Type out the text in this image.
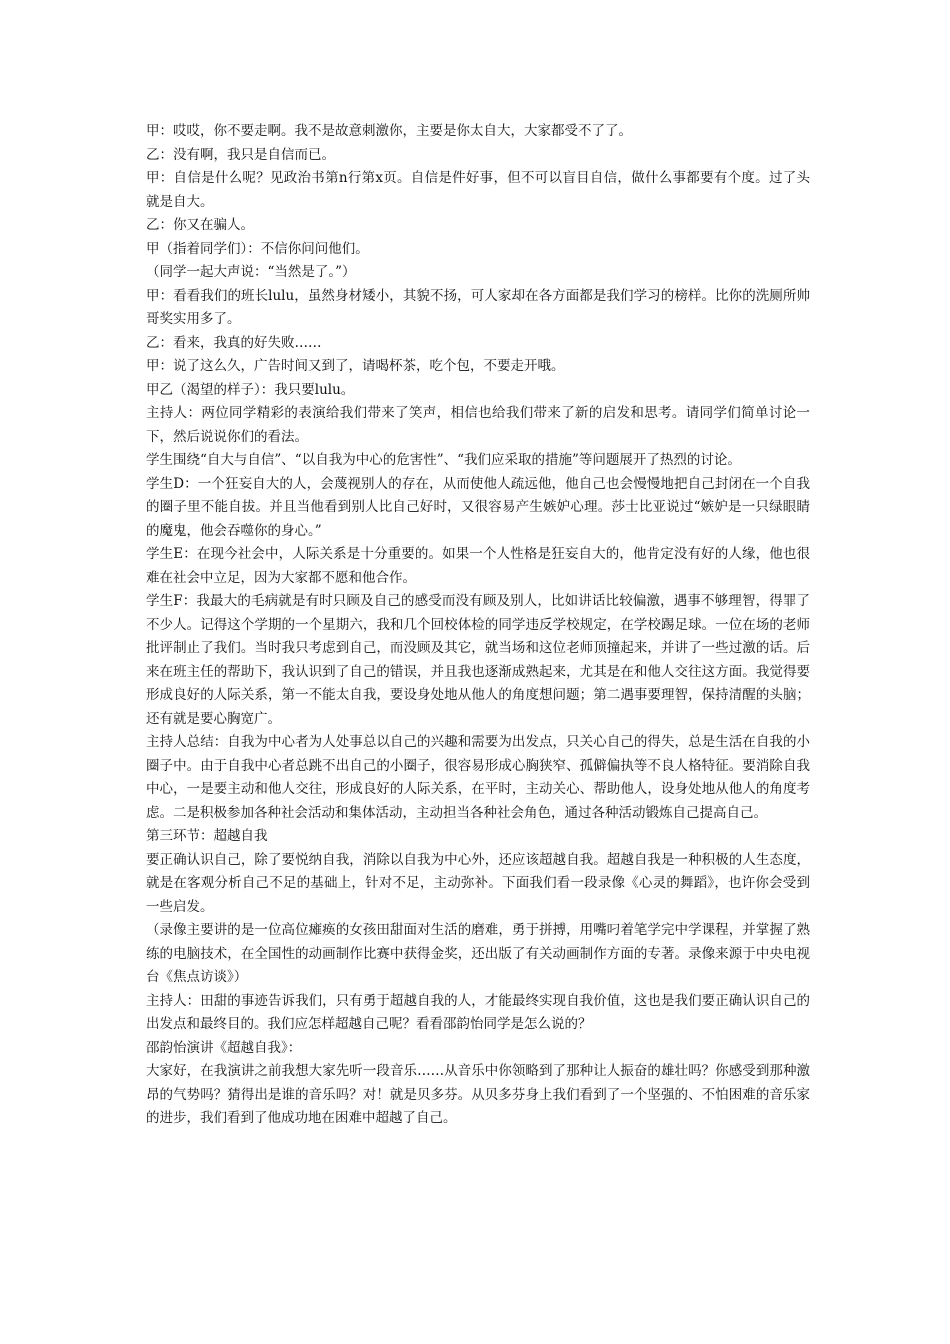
甲：哎哎，你不要走啊。我不是故意刺激你，主要是你太自大，大家都受不了了。

乙：没有啊，我只是自信而已。

甲：自信是什么呢？见政治书第n行第x页。自信是件好事，但不可以盲目自信，做什么事都要有个度。过了头就是自大。

乙：你又在骗人。

甲（指着同学们）：不信你问问他们。

（同学一起大声说：“当然是了。”）

甲：看看我们的班长lulu，虽然身材矮小，其貌不扬，可人家却在各方面都是我们学习的榜样。比你的洗厕所帅哥奖实用多了。

乙：看来，我真的好失败……

甲：说了这么久，广告时间又到了，请喝杯茶，吃个包，不要走开哦。

甲乙（渴望的样子）：我只要lulu。

主持人：两位同学精彩的表演给我们带来了笑声，相信也给我们带来了新的启发和思考。请同学们简单讨论一下，然后说说你们的看法。

学生围绕“自大与自信”、“以自我为中心的危害性”、“我们应采取的措施”等问题展开了热烈的讨论。

学生D：一个狂妄自大的人，会蔑视别人的存在，从而使他人疏远他，他自己也会慢慢地把自己封闭在一个自我的圈子里不能自拔。并且当他看到别人比自己好时，又很容易产生嫉妒心理。莎士比亚说过“嫉妒是一只绿眼睛的魔鬼，他会吞噬你的身心。”

学生E：在现今社会中，人际关系是十分重要的。如果一个人性格是狂妄自大的，他肯定没有好的人缘，他也很难在社会中立足，因为大家都不愿和他合作。

学生F：我最大的毛病就是有时只顾及自己的感受而没有顾及别人，比如讲话比较偏激，遇事不够理智，得罪了不少人。记得这个学期的一个星期六，我和几个回校体检的同学违反学校规定，在学校踢足球。一位在场的老师批评制止了我们。当时我只考虑到自己，而没顾及其它，就当场和这位老师顶撞起来，并讲了一些过激的话。后来在班主任的帮助下，我认识到了自己的错误，并且我也逐渐成熟起来，尤其是在和他人交往这方面。我觉得要形成良好的人际关系，第一不能太自我，要设身处地从他人的角度想问题；第二遇事要理智，保持清醒的头脑；还有就是要心胸宽广。

主持人总结：自我为中心者为人处事总以自己的兴趣和需要为出发点，只关心自己的得失，总是生活在自我的小圈子中。由于自我中心者总跳不出自己的小圈子，很容易形成心胸狭窄、孤僻偏执等不良人格特征。要消除自我中心，一是要主动和他人交往，形成良好的人际关系，在平时，主动关心、帮助他人，设身处地从他人的角度考虑。二是积极参加各种社会活动和集体活动，主动担当各种社会角色，通过各种活动锻炼自己提高自己。

第三环节：超越自我

要正确认识自己，除了要悦纳自我，消除以自我为中心外，还应该超越自我。超越自我是一种积极的人生态度，就是在客观分析自己不足的基础上，针对不足，主动弥补。下面我们看一段录像《心灵的舞蹈》，也许你会受到一些启发。

（录像主要讲的是一位高位瘫痪的女孩田甜面对生活的磨难，勇于拼搏，用嘴叼着笔学完中学课程，并掌握了熟练的电脑技术，在全国性的动画制作比赛中获得金奖，还出版了有关动画制作方面的专著。录像来源于中央电视台《焦点访谈》）

主持人：田甜的事迹告诉我们，只有勇于超越自我的人，才能最终实现自我价值，这也是我们要正确认识自己的出发点和最终目的。我们应怎样超越自己呢？看看邵韵怡同学是怎么说的？

邵韵怡演讲《超越自我》：

大家好，在我演讲之前我想大家先听一段音乐……从音乐中你领略到了那种让人振奋的雄壮吗？你感受到那种激昂的气势吗？猜得出是谁的音乐吗？对！就是贝多芬。从贝多芬身上我们看到了一个坚强的、不怕困难的音乐家的进步，我们看到了他成功地在困难中超越了自己。
